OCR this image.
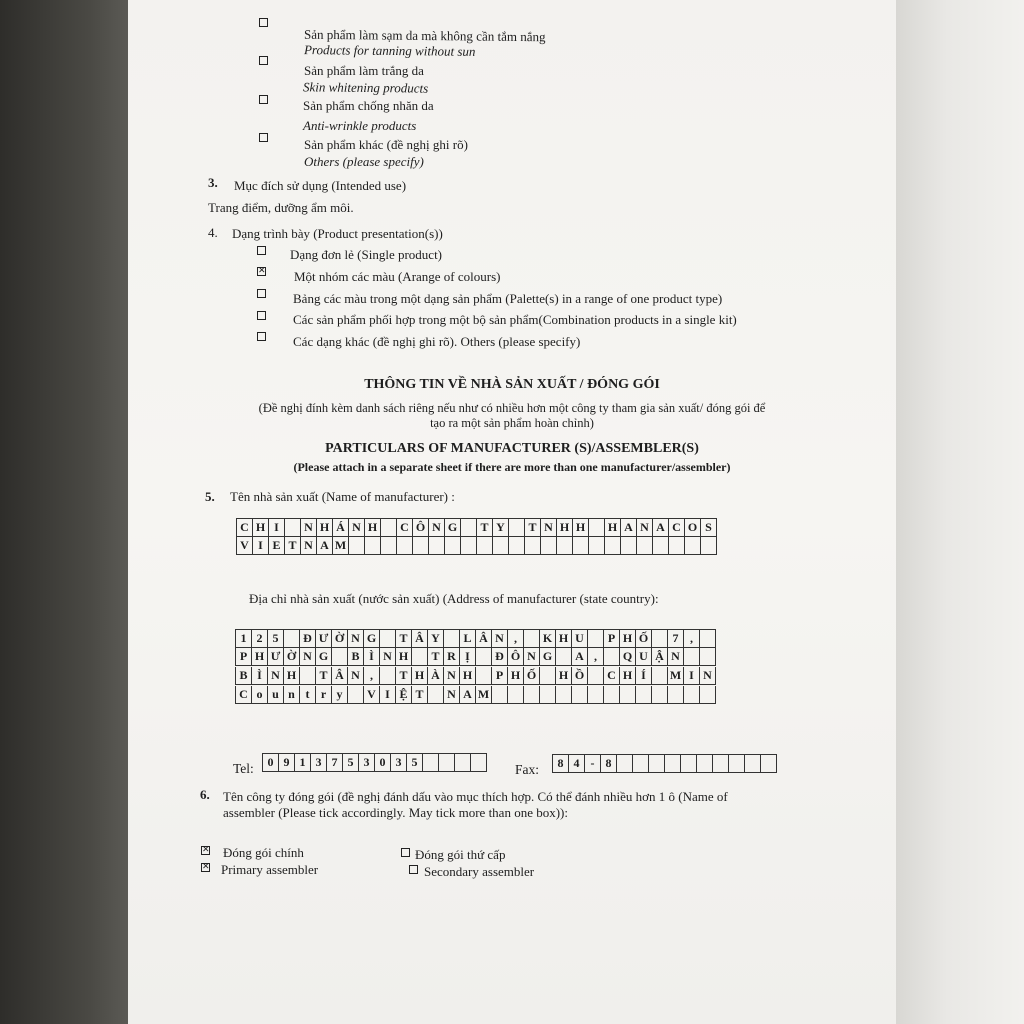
Sản phẩm làm sạm da mà không cần tắm nắng
Products for tanning without sun
Sản phẩm làm trắng da
Skin whitening products
Sản phẩm chống nhăn da
Anti-wrinkle products
Sản phẩm khác (đề nghị ghi rõ)
Others (please specify)
3. Mục đích sử dụng (Intended use)
Trang điểm, dưỡng ẩm môi.
4. Dạng trình bày (Product presentation(s))
Dạng đơn lẻ (Single product)
✕ Một nhóm các màu (Arange of colours)
Bảng các màu trong một dạng sản phẩm (Palette(s) in a range of one product type)
Các sản phẩm phối hợp trong một bộ sản phẩm(Combination products in a single kit)
Các dạng khác (đề nghị ghi rõ). Others (please specify)
THÔNG TIN VỀ NHÀ SẢN XUẤT / ĐÓNG GÓI
(Đề nghị đính kèm danh sách riêng nếu như có nhiều hơn một công ty tham gia sản xuất/ đóng gói để
tạo ra một sản phẩm hoàn chỉnh)
PARTICULARS OF MANUFACTURER (S)/ASSEMBLER(S)
(Please attach in a separate sheet if there are more than one manufacturer/assembler)
5. Tên nhà sản xuất (Name of manufacturer) :
C H I	N H Á N H	C Ô N G	T Y	T N H H	H A N A C O S
V I E T N A M
Địa chỉ nhà sản xuất (nước sản xuất) (Address of manufacturer (state country):
1 2 5	Đ Ư Ờ N G	T Â Y	L Â N ,	K H U	P H Ố	7 ,
P H Ư Ờ N G	B Ì N H	T R Ị	Đ Ô N G	A ,	Q U Ậ N
B Ì N H	T Â N ,	T H À N H	P H Ố	H Ồ	C H Í	M I N
C o u n t r y	V I Ệ T	N A M
Tel:	0 9 1 3 7 5 3 0 3 5	Fax:	8 4 - 8
6. Tên công ty đóng gói (đề nghị đánh dấu vào mục thích hợp. Có thể đánh nhiều hơn 1 ô (Name of
assembler (Please tick accordingly. May tick more than one box)):
✕ Đóng gói chính
✕ Primary assembler
Đóng gói thứ cấp
Secondary assembler
